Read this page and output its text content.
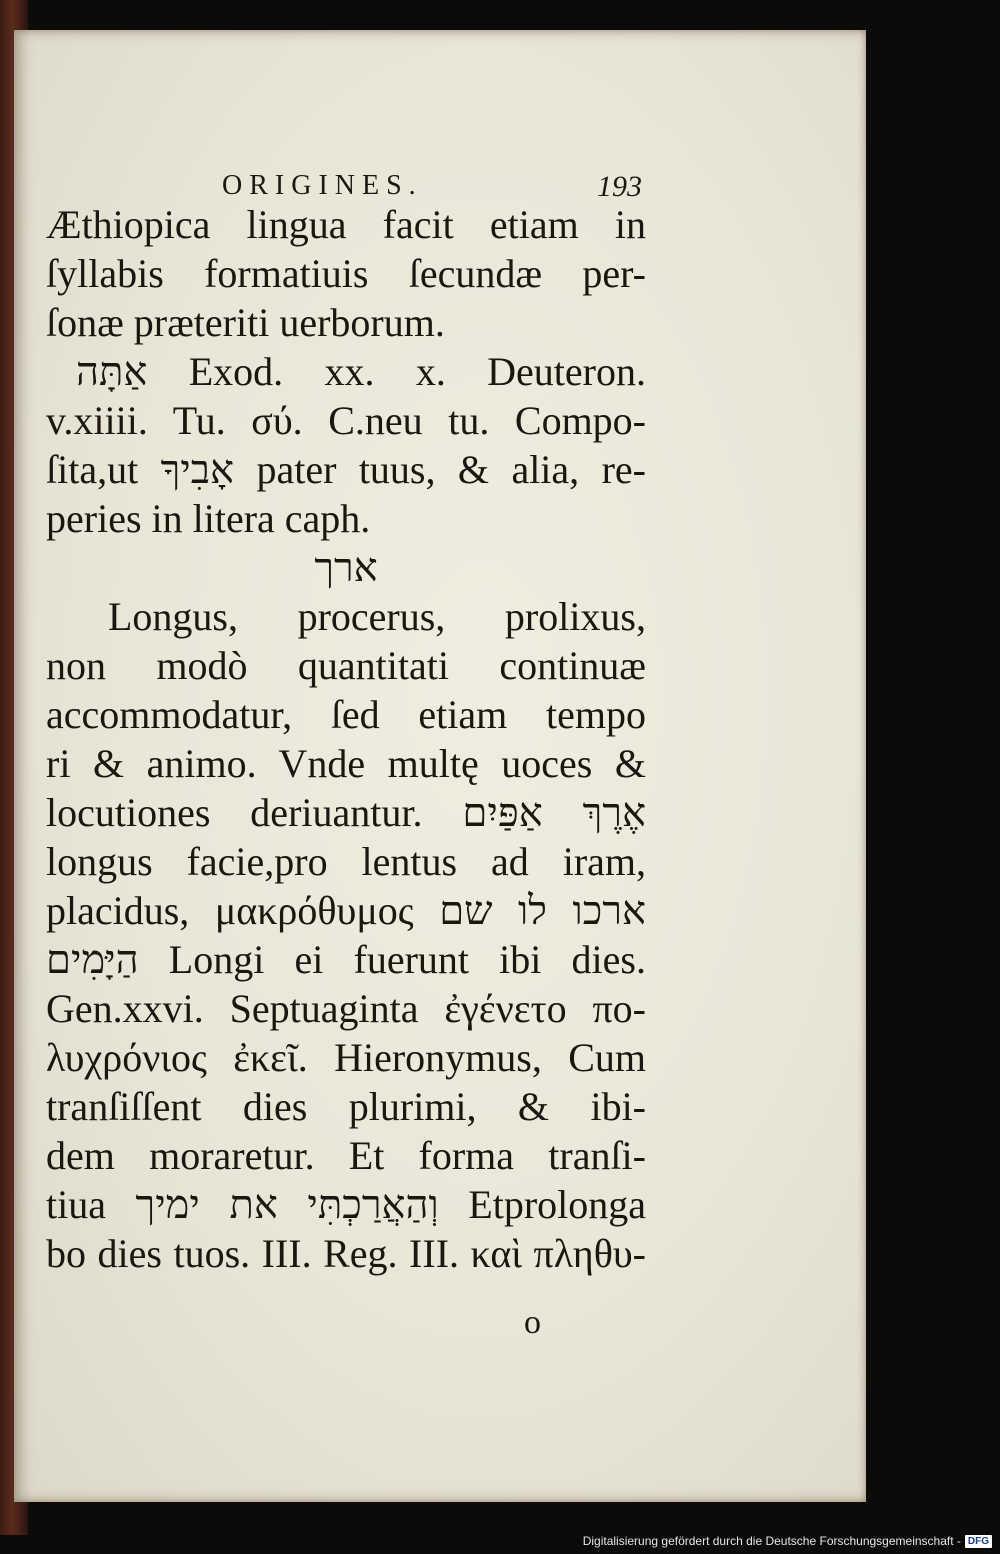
ORIGINES.	193
Æthiopica lingua facit etiam in
ſyllabis formatiuis ſecundæ per-
ſonæ præteriti uerborum.
אַתָּה Exod. xx. x. Deuteron.
v.xiiii. Tu. σύ. C.neu tu. Compo-
ſita,ut אָבִיךָ pater tuus, & alia, re-
peries in litera caph.
ארך
Longus, procerus, prolixus,
non modò quantitati continuæ
accommodatur, ſed etiam tempo
ri & animo. Vnde multę uoces &
locutiones deriuantur. אֶרֶךְ אַפַּיִם
longus facie,pro lentus ad iram,
placidus, μακρόθυμος ארכו לו שם
הַיָּמִים Longi ei fuerunt ibi dies.
Gen.xxvi. Septuaginta ἐγένετο πο-
λυχρόνιος ἐκεῖ. Hieronymus, Cum
tranſiſſent dies plurimi, & ibi-
dem moraretur. Et forma tranſi-
tiua וְהַאֲרַכְתִּי את ימיך Etprolonga
bo dies tuos. III. Reg. III. καὶ πληθυ-
o
Digitalisierung gefördert durch die Deutsche Forschungsgemeinschaft - DFG
